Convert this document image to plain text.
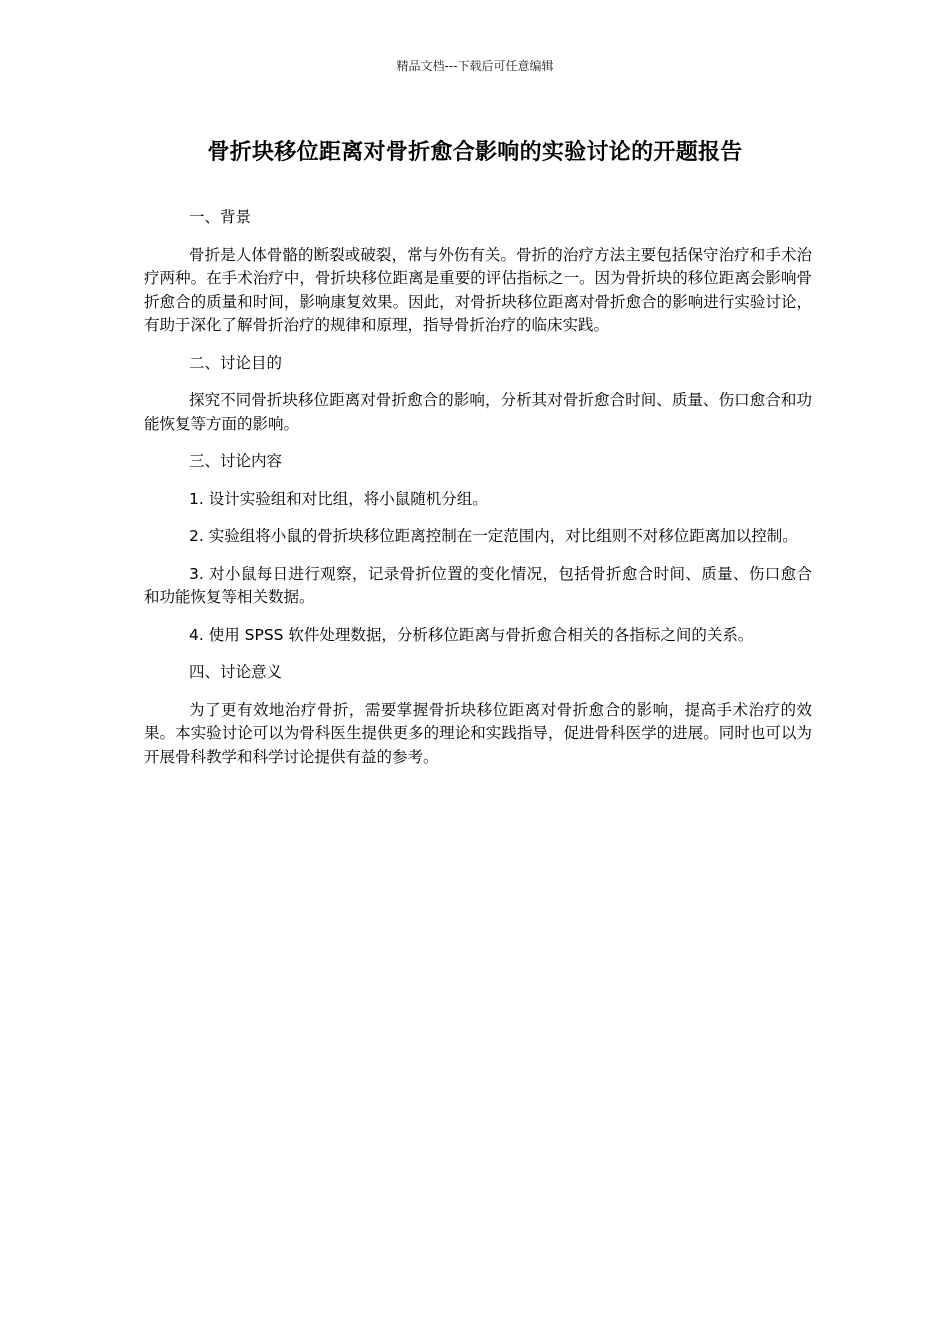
精品文档---下载后可任意编辑
骨折块移位距离对骨折愈合影响的实验讨论的开题报告

一、背景

骨折是人体骨骼的断裂或破裂，常与外伤有关。骨折的治疗方法主要包括保守治疗和手术治疗两种。在手术治疗中，骨折块移位距离是重要的评估指标之一。因为骨折块的移位距离会影响骨折愈合的质量和时间，影响康复效果。因此，对骨折块移位距离对骨折愈合的影响进行实验讨论，有助于深化了解骨折治疗的规律和原理，指导骨折治疗的临床实践。

二、讨论目的

探究不同骨折块移位距离对骨折愈合的影响，分析其对骨折愈合时间、质量、伤口愈合和功能恢复等方面的影响。

三、讨论内容

1. 设计实验组和对比组，将小鼠随机分组。

2. 实验组将小鼠的骨折块移位距离控制在一定范围内，对比组则不对移位距离加以控制。

3. 对小鼠每日进行观察，记录骨折位置的变化情况，包括骨折愈合时间、质量、伤口愈合和功能恢复等相关数据。

4. 使用 SPSS 软件处理数据，分析移位距离与骨折愈合相关的各指标之间的关系。

四、讨论意义

为了更有效地治疗骨折，需要掌握骨折块移位距离对骨折愈合的影响，提高手术治疗的效果。本实验讨论可以为骨科医生提供更多的理论和实践指导，促进骨科医学的进展。同时也可以为开展骨科教学和科学讨论提供有益的参考。
